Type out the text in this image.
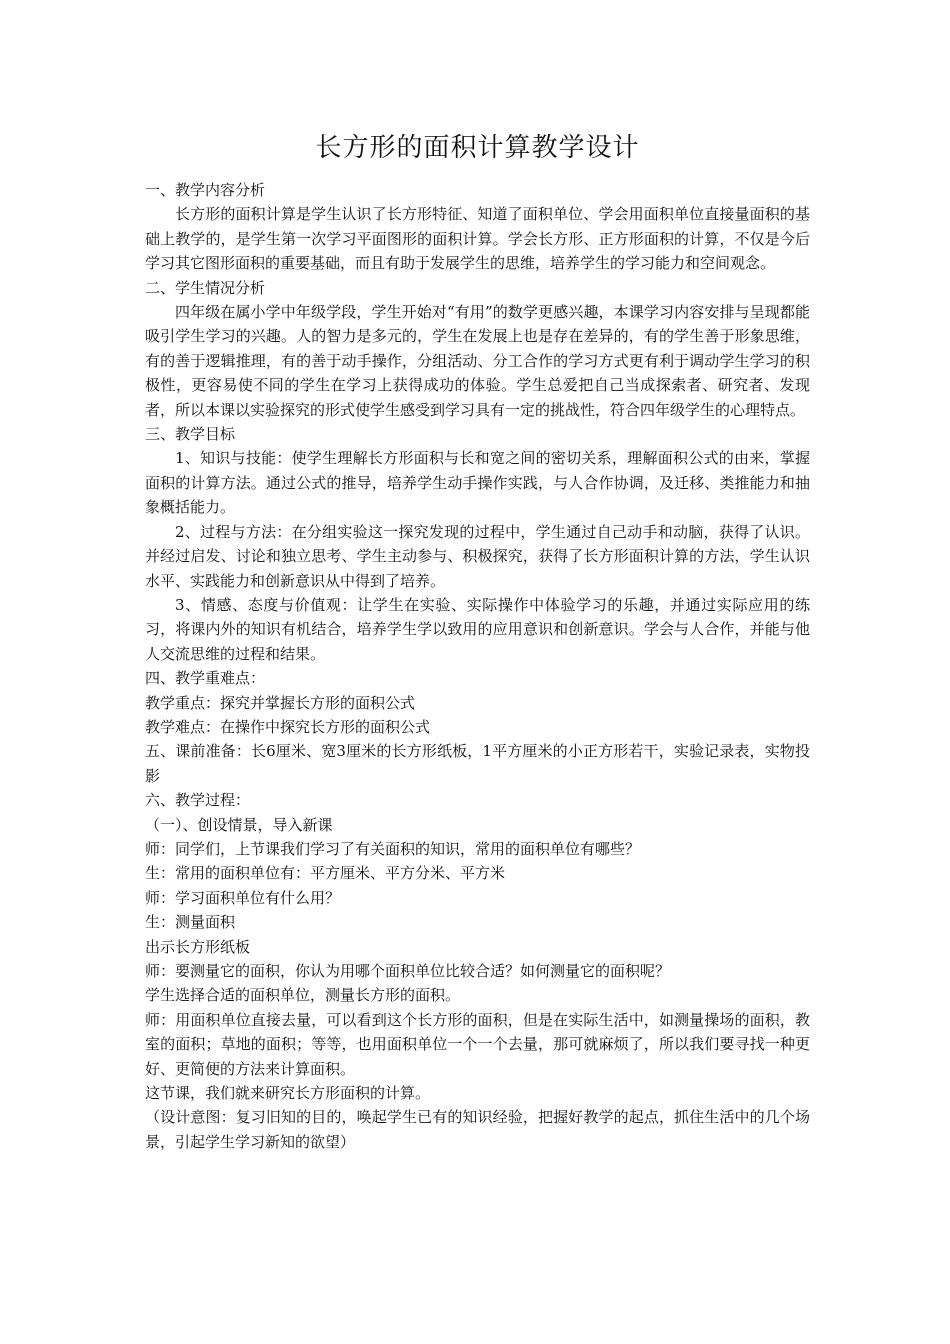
长方形的面积计算教学设计

一、教学内容分析

长方形的面积计算是学生认识了长方形特征、知道了面积单位、学会用面积单位直接量面积的基础上教学的，是学生第一次学习平面图形的面积计算。学会长方形、正方形面积的计算，不仅是今后学习其它图形面积的重要基础，而且有助于发展学生的思维，培养学生的学习能力和空间观念。

二、学生情况分析

四年级在属小学中年级学段，学生开始对“有用”的数学更感兴趣，本课学习内容安排与呈现都能吸引学生学习的兴趣。人的智力是多元的，学生在发展上也是存在差异的，有的学生善于形象思维，有的善于逻辑推理，有的善于动手操作，分组活动、分工合作的学习方式更有利于调动学生学习的积极性，更容易使不同的学生在学习上获得成功的体验。学生总爱把自己当成探索者、研究者、发现者，所以本课以实验探究的形式使学生感受到学习具有一定的挑战性，符合四年级学生的心理特点。

三、教学目标

1、知识与技能：使学生理解长方形面积与长和宽之间的密切关系，理解面积公式的由来，掌握面积的计算方法。通过公式的推导，培养学生动手操作实践，与人合作协调，及迁移、类推能力和抽象概括能力。

2、过程与方法：在分组实验这一探究发现的过程中，学生通过自己动手和动脑，获得了认识。并经过启发、讨论和独立思考、学生主动参与、积极探究，获得了长方形面积计算的方法，学生认识水平、实践能力和创新意识从中得到了培养。

3、情感、态度与价值观：让学生在实验、实际操作中体验学习的乐趣，并通过实际应用的练习，将课内外的知识有机结合，培养学生学以致用的应用意识和创新意识。学会与人合作，并能与他人交流思维的过程和结果。

四、教学重难点：

教学重点：探究并掌握长方形的面积公式

教学难点：在操作中探究长方形的面积公式

五、课前准备：长6厘米、宽3厘米的长方形纸板，1平方厘米的小正方形若干，实验记录表，实物投影

六、教学过程：

（一）、创设情景，导入新课

师：同学们，上节课我们学习了有关面积的知识，常用的面积单位有哪些？

生：常用的面积单位有：平方厘米、平方分米、平方米

师：学习面积单位有什么用？

生：测量面积

出示长方形纸板

师：要测量它的面积，你认为用哪个面积单位比较合适？如何测量它的面积呢？

学生选择合适的面积单位，测量长方形的面积。

师：用面积单位直接去量，可以看到这个长方形的面积，但是在实际生活中，如测量操场的面积，教室的面积；草地的面积；等等，也用面积单位一个一个去量，那可就麻烦了，所以我们要寻找一种更好、更简便的方法来计算面积。

这节课，我们就来研究长方形面积的计算。

（设计意图：复习旧知的目的，唤起学生已有的知识经验，把握好教学的起点，抓住生活中的几个场景，引起学生学习新知的欲望）
